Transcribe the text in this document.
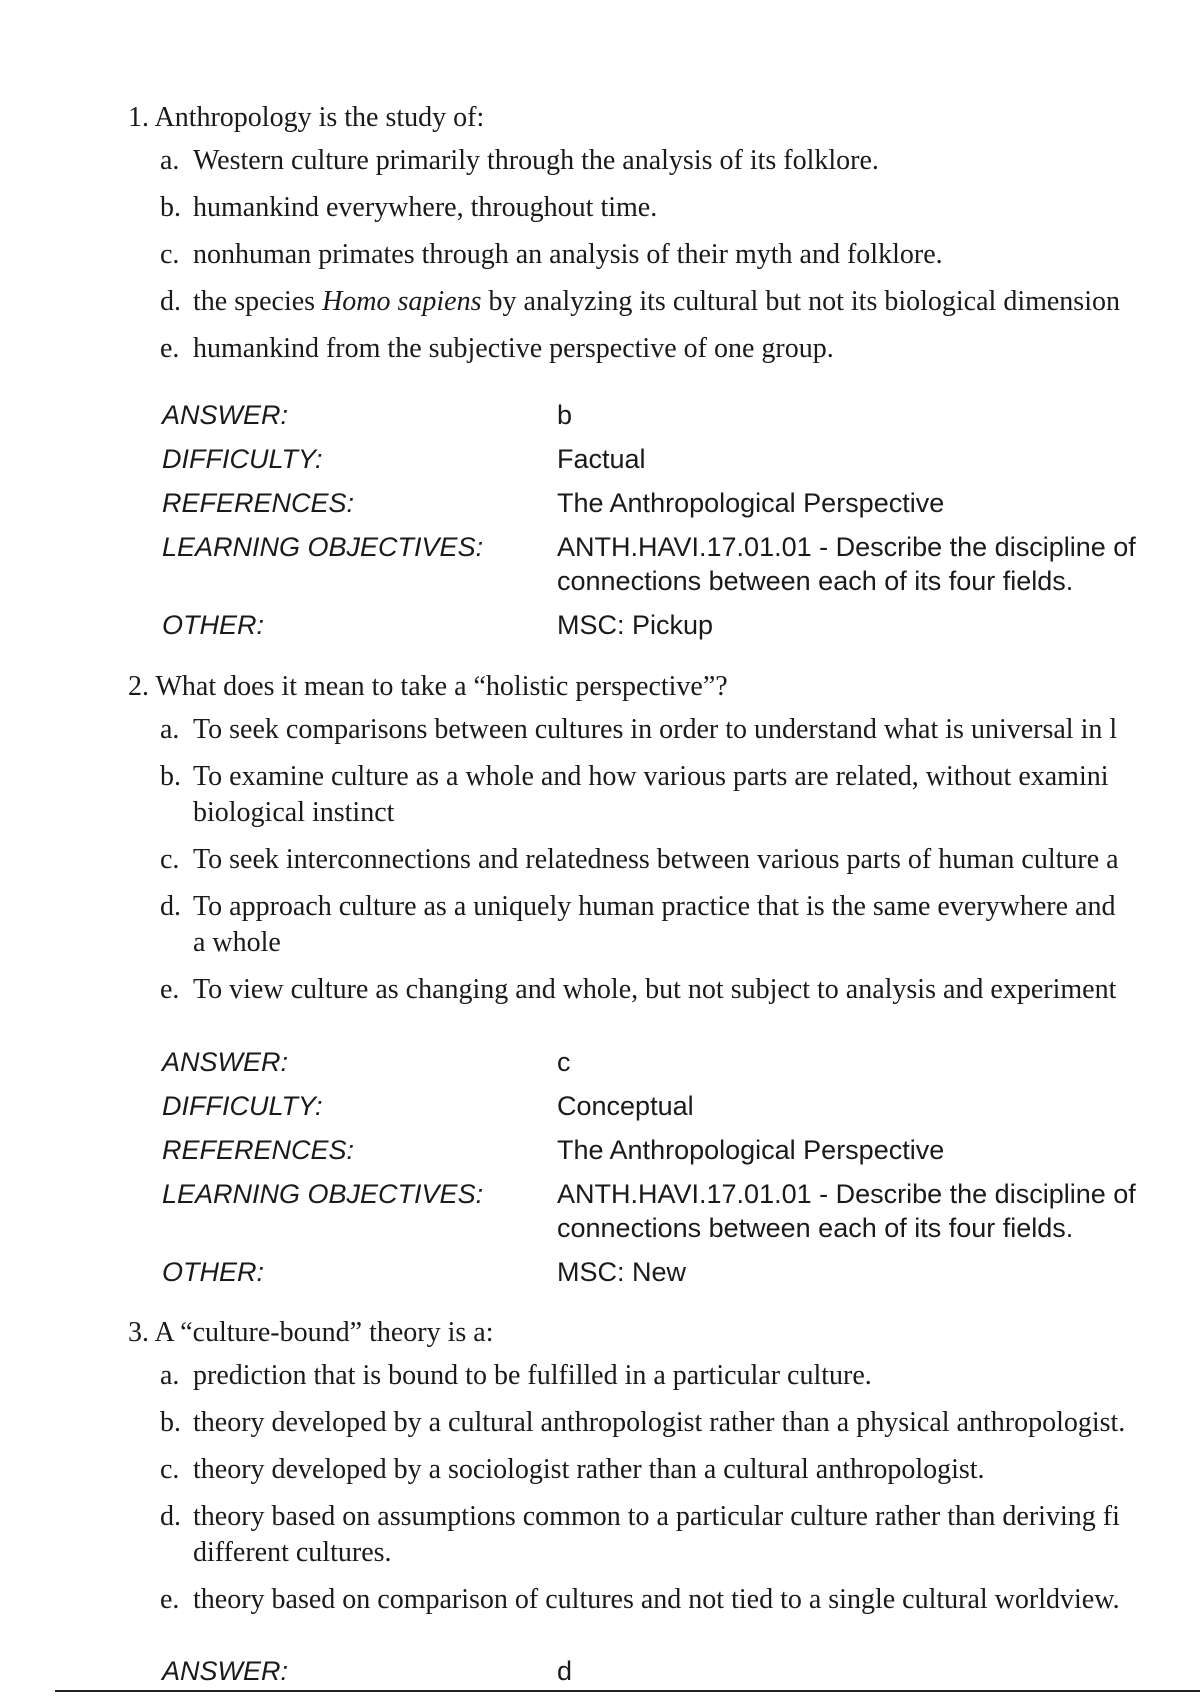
1. Anthropology is the study of:
a. Western culture primarily through the analysis of its folklore.
b. humankind everywhere, throughout time.
c. nonhuman primates through an analysis of their myth and folklore.
d. the species Homo sapiens by analyzing its cultural but not its biological dimension
e. humankind from the subjective perspective of one group.
ANSWER:	b
DIFFICULTY:	Factual
REFERENCES:	The Anthropological Perspective
LEARNING OBJECTIVES:	ANTH.HAVI.17.01.01 - Describe the discipline of
connections between each of its four fields.
OTHER:	MSC: Pickup
2. What does it mean to take a “holistic perspective”?
a. To seek comparisons between cultures in order to understand what is universal in l
b. To examine culture as a whole and how various parts are related, without examini
biological instinct
c. To seek interconnections and relatedness between various parts of human culture a
d. To approach culture as a uniquely human practice that is the same everywhere and
a whole
e. To view culture as changing and whole, but not subject to analysis and experiment
ANSWER:	c
DIFFICULTY:	Conceptual
REFERENCES:	The Anthropological Perspective
LEARNING OBJECTIVES:	ANTH.HAVI.17.01.01 - Describe the discipline of
connections between each of its four fields.
OTHER:	MSC: New
3. A “culture-bound” theory is a:
a. prediction that is bound to be fulfilled in a particular culture.
b. theory developed by a cultural anthropologist rather than a physical anthropologist.
c. theory developed by a sociologist rather than a cultural anthropologist.
d. theory based on assumptions common to a particular culture rather than deriving fi
different cultures.
e. theory based on comparison of cultures and not tied to a single cultural worldview.
ANSWER:	d
